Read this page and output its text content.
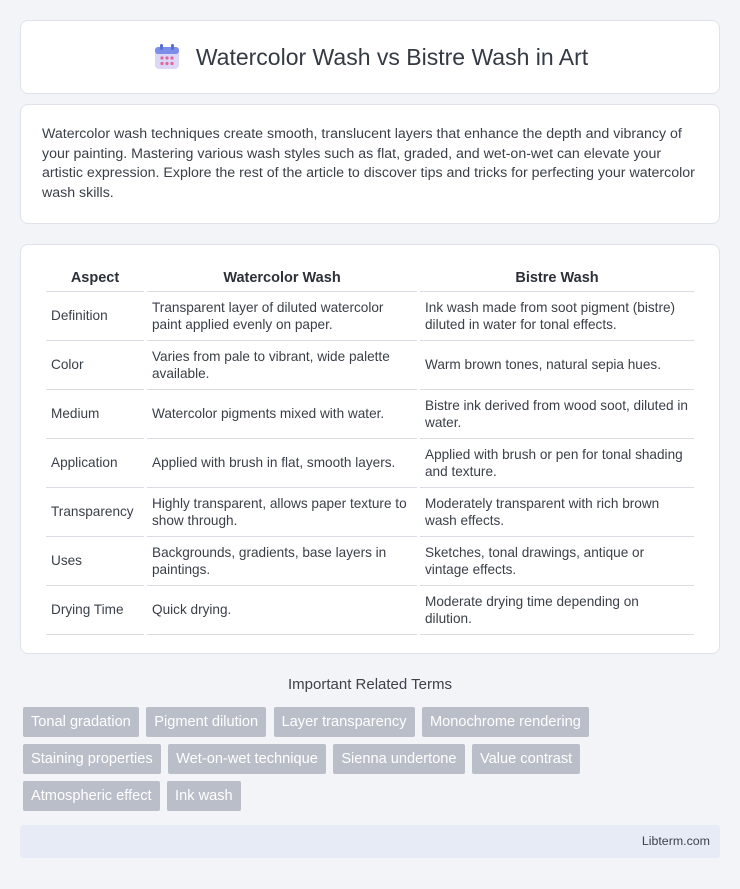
Watercolor Wash vs Bistre Wash in Art

Watercolor wash techniques create smooth, translucent layers that enhance the depth and vibrancy of your painting. Mastering various wash styles such as flat, graded, and wet-on-wet can elevate your artistic expression. Explore the rest of the article to discover tips and tricks for perfecting your watercolor wash skills.

Aspect	Watercolor Wash	Bistre Wash
Definition	Transparent layer of diluted watercolor paint applied evenly on paper.	Ink wash made from soot pigment (bistre) diluted in water for tonal effects.
Color	Varies from pale to vibrant, wide palette available.	Warm brown tones, natural sepia hues.
Medium	Watercolor pigments mixed with water.	Bistre ink derived from wood soot, diluted in water.
Application	Applied with brush in flat, smooth layers.	Applied with brush or pen for tonal shading and texture.
Transparency	Highly transparent, allows paper texture to show through.	Moderately transparent with rich brown wash effects.
Uses	Backgrounds, gradients, base layers in paintings.	Sketches, tonal drawings, antique or vintage effects.
Drying Time	Quick drying.	Moderate drying time depending on dilution.
Important Related Terms
Tonal gradation Pigment dilution Layer transparency Monochrome rendering Staining properties Wet-on-wet technique Sienna undertone Value contrast Atmospheric effect Ink wash
Libterm.com
